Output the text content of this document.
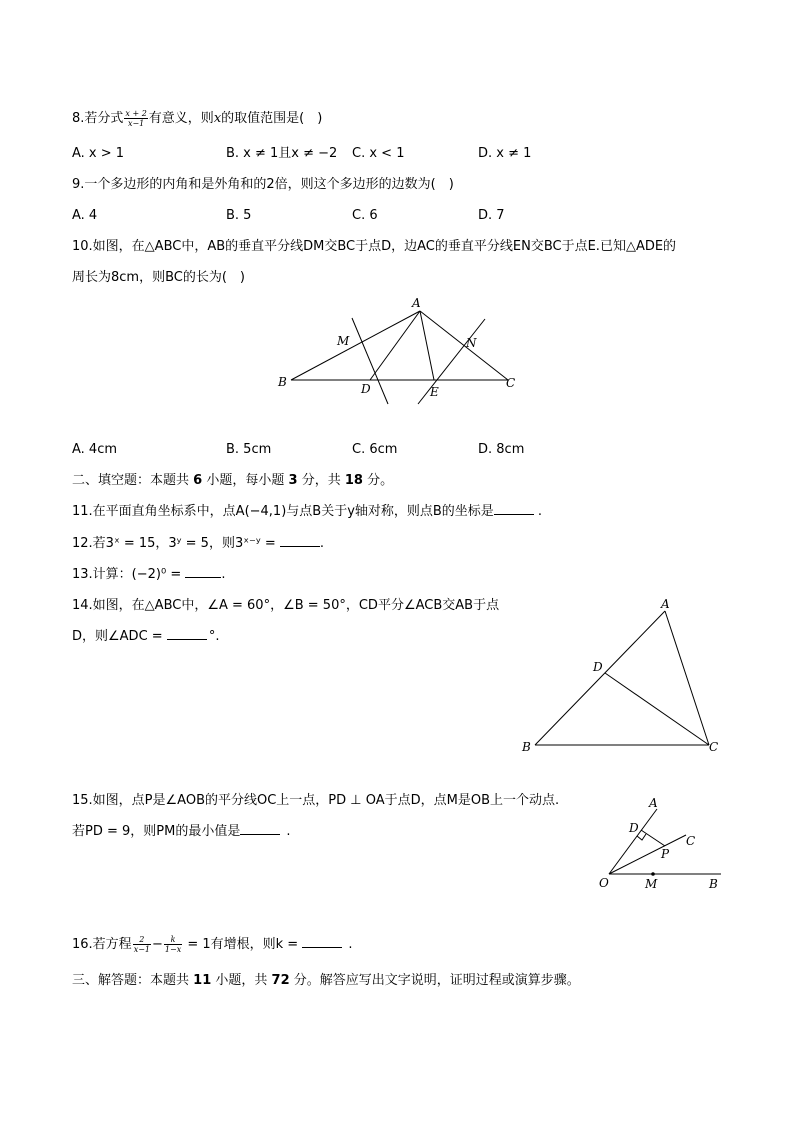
8.若分式 $\frac{x + 2}{x-1}$ 有意义，则x的取值范围是(　)
A. x > 1	B. x ≠ 1且x ≠ −2 C. x < 1	D. x ≠ 1
9.一个多边形的内角和是外角和的2倍，则这个多边形的边数为(　)
A. 4	B. 5	C. 6	D. 7
10.如图，在△ABC中，AB的垂直平分线DM交BC于点D，边AC的垂直平分线EN交BC于点E.已知△ADE的
周长为8cm，则BC的长为(　)
A
M	N
B	D	E
C
A. 4cm	B. 5cm	C. 6cm	D. 8cm
二、填空题：本题共 6 小题，每小题 3 分，共 18 分。
11.在平面直角坐标系中，点A(−4,1)与点B关于y轴对称，则点B的坐标是	.
12.若3ˣ = 15，3ʸ = 5，则3ˣ⁻ʸ =	.
13.计算：(−2)⁰ =	.
14.如图，在△ABC中，∠A = 60°，∠B = 50°，CD平分∠ACB交AB于点
D，则∠ADC =	°.
A
D
B	C
15.如图，点P是∠AOB的平分线OC上一点，PD ⊥ OA于点D，点M是OB上一个动点.
若PD = 9，则PM的最小值是	.
A
D
C
P
O	M	B
16.若方程 $\frac{2}{x-1} - \frac{k}{1-x} = 1$有增根，则k =	.
三、解答题：本题共 11 小题，共 72 分。解答应写出文字说明，证明过程或演算步骤。
